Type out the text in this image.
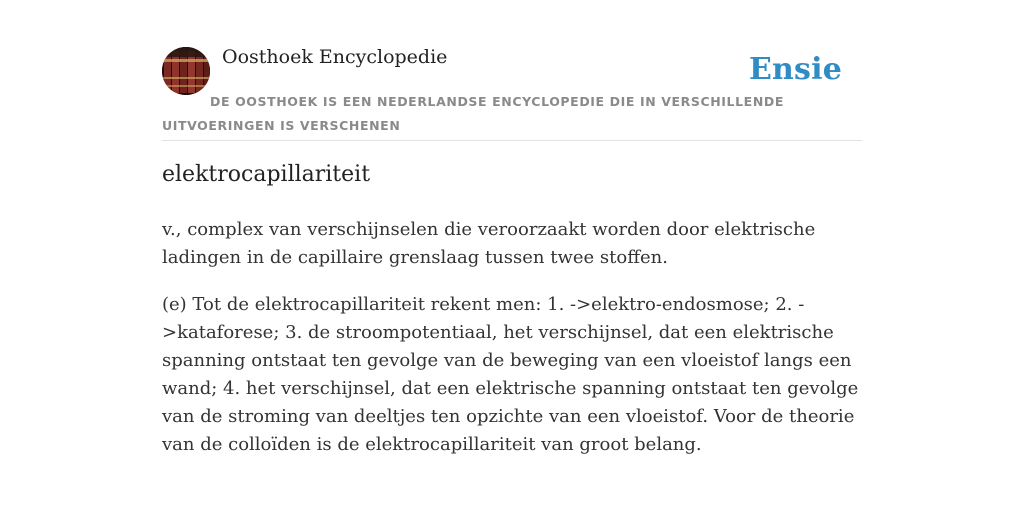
Oosthoek Encyclopedie	Ensie
DE OOSTHOEK IS EEN NEDERLANDSE ENCYCLOPEDIE DIE IN VERSCHILLENDE UITVOERINGEN IS VERSCHENEN
elektrocapillariteit

v., complex van verschijnselen die veroorzaakt worden door elektrische ladingen in de capillaire grenslaag tussen twee stoffen.

(e) Tot de elektrocapillariteit rekent men: 1. ->elektro-endosmose; 2. ->kataforese; 3. de stroompotentiaal, het verschijnsel, dat een elektrische spanning ontstaat ten gevolge van de beweging van een vloeistof langs een wand; 4. het verschijnsel, dat een elektrische spanning ontstaat ten gevolge van de stroming van deeltjes ten opzichte van een vloeistof. Voor de theorie van de colloïden is de elektrocapillariteit van groot belang.
